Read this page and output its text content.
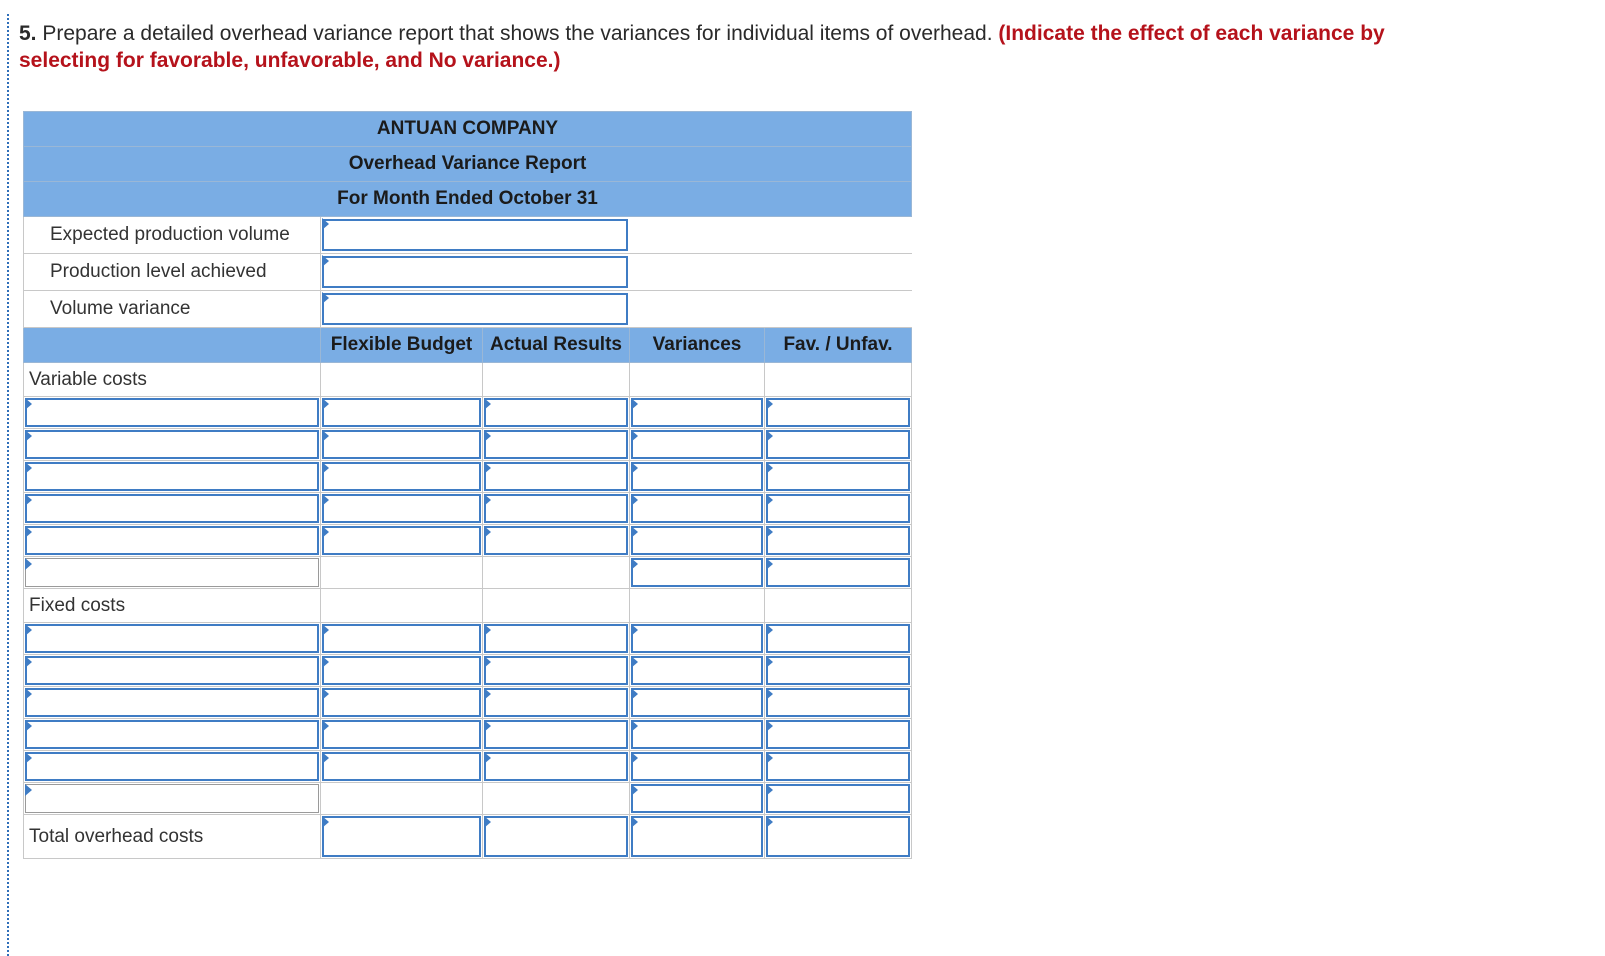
5. Prepare a detailed overhead variance report that shows the variances for individual items of overhead. (Indicate the effect of each variance by selecting for favorable, unfavorable, and No variance.)
ANTUAN COMPANY				
Overhead Variance Report				
For Month Ended October 31				
Expected production volume				

Production level achieved				

Volume variance				

	Flexible Budget	Actual Results	Variances	Fav. / Unfav.
Variable costs				

Fixed costs				

Total overhead costs	
